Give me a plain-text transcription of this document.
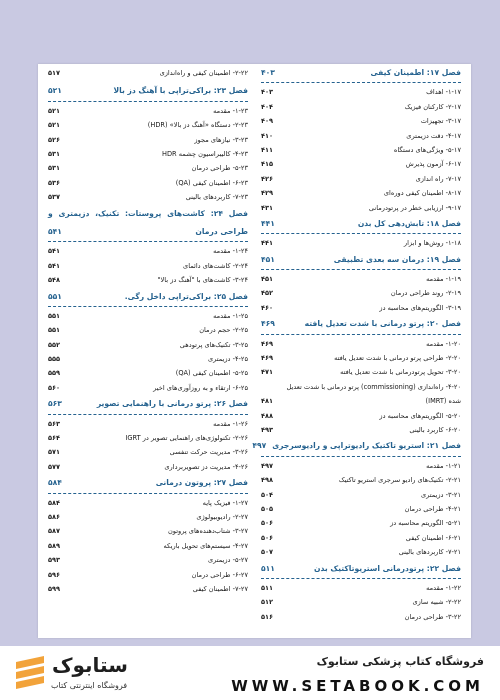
فصل ۱۷: اطمینان کیفی
۴۰۳
۱-۱۷- اهداف
۴۰۳
۲-۱۷- کارکنان فیزیک
۴۰۴
۳-۱۷- تجهیزات
۴۰۹
۴-۱۷- دقت دزیمتری
۴۱۰
۵-۱۷- ویژگی‌های دستگاه
۴۱۱
۶-۱۷- آزمون پذیرش
۴۱۵
۷-۱۷- راه اندازی
۴۲۶
۸-۱۷- اطمینان کیفی دوره‌ای
۴۲۹
۹-۱۷- ارزیابی خطر در پرتودرمانی
۴۳۱
فصل ۱۸: تابش‌دهی کل بدن
۴۴۱
۱-۱۸- روش‌ها و ابزار
۴۴۱
فصل ۱۹: درمان سه بعدی تطبیقی
۴۵۱
۱-۱۹- مقدمه
۴۵۱
۲-۱۹- روند طراحی درمان
۴۵۲
۳-۱۹- الگوریتم‌های محاسبه دز
۴۶۰
فصل ۲۰: پرتو درمانی با شدت تعدیل یافته
۴۶۹
۱-۲۰- مقدمه
۴۶۹
۲-۲۰- طراحی پرتو درمانی با شدت تعدیل یافته
۴۶۹
۳-۲۰- تحویل پرتودرمانی با شدت تعدیل یافته
۴۷۱
۴-۲۰- راه‌اندازی (commissioning) پرتو درمانی با شدت تعدیل
شده (IMRT)
۴۸۱
۵-۲۰- الگوریتم‌های محاسبه دز
۴۸۸
۶-۲۰- کاربرد بالینی
۴۹۳
فصل ۲۱: استریو تاکتیک رادیوتراپی و رادیوسرجری
۴۹۷
۱-۲۱- مقدمه
۴۹۷
۲-۲۱- تکنیک‌های رادیو سرجری استریو تاکتیک
۴۹۸
۳-۲۱- دزیمتری
۵۰۴
۴-۲۱- طراحی درمان
۵۰۵
۵-۲۱- الگوریتم محاسبه دز
۵۰۶
۶-۲۱- اطمینان کیفی
۵۰۶
۷-۲۱- کاربردهای بالینی
۵۰۷
فصل ۲۲: پرتودرمانی استریوتاکتیک بدن
۵۱۱
۱-۲۲- مقدمه
۵۱۱
۲-۲۲- شبیه سازی
۵۱۲
۳-۲۲- طراحی درمان
۵۱۶
۲-۲۲- اطمینان کیفی و راه‌اندازی
۵۱۷
فصل ۲۳: براکی‌تراپی با آهنگ دز بالا
۵۲۱
۱-۲۳- مقدمه
۵۲۱
۲-۲۳- دستگاه «آهنگ دز بالا» (HDR)
۵۲۱
۳-۲۳- نیازهای مجوز
۵۲۶
۴-۲۳- کالیبراسیون چشمه HDR
۵۳۱
۵-۲۳- طراحی درمان
۵۳۱
۶-۲۳- اطمینان کیفی (QA)
۵۳۶
۷-۲۳- کاربردهای بالینی
۵۳۷
فصل ۲۴: کاشت‌های پروستات: تکنیک، دزیمتری و
طراحی درمان
۵۴۱
۱-۲۴- مقدمه
۵۴۱
۲-۲۴- کاشت‌های دائمای
۵۴۱
۳-۲۴- کاشت‌های با "آهنگ دز بالا"
۵۴۸
فصل ۲۵: براکی‌تراپی داخل رگی.
۵۵۱
۱-۲۵- مقدمه
۵۵۱
۲-۲۵- حجم درمان
۵۵۱
۳-۲۵- تکنیک‌های پرتودهی
۵۵۲
۴-۲۵- دزیمتری
۵۵۵
۵-۲۵- اطمینان کیفی (QA)
۵۵۹
۶-۲۵- ارتقاء و به روزآوری‌های اخیر
۵۶۰
فصل ۲۶: پرتو درمانی با راهنمایی تصویر
۵۶۳
۱-۲۶- مقدمه
۵۶۳
۲-۲۶- تکنولوژی‌های راهنمایی تصویر در IGRT
۵۶۴
۳-۲۶- مدیریت حرکت تنفسی
۵۷۱
۴-۲۶- مدیریت دز تصویربرداری
۵۷۷
فصل ۲۷: پروتون درمانی
۵۸۴
۱-۲۷- فیزیک پایه
۵۸۴
۲-۲۷- رادیوبیولوژی
۵۸۶
۳-۲۷- شتاب‌دهنده‌های پروتون
۵۸۷
۴-۲۷- سیستم‌های تحویل باریکه
۵۸۹
۵-۲۷- دزیمتری
۵۹۳
۶-۲۷- طراحی درمان
۵۹۶
۷-۲۷- اطمینان کیفی
۵۹۹
ستابوک
فروشگاه اینترنتی کتاب
فروشگاه کتاب پزشکی ستابوک
WWW.SETABOOK.COM
